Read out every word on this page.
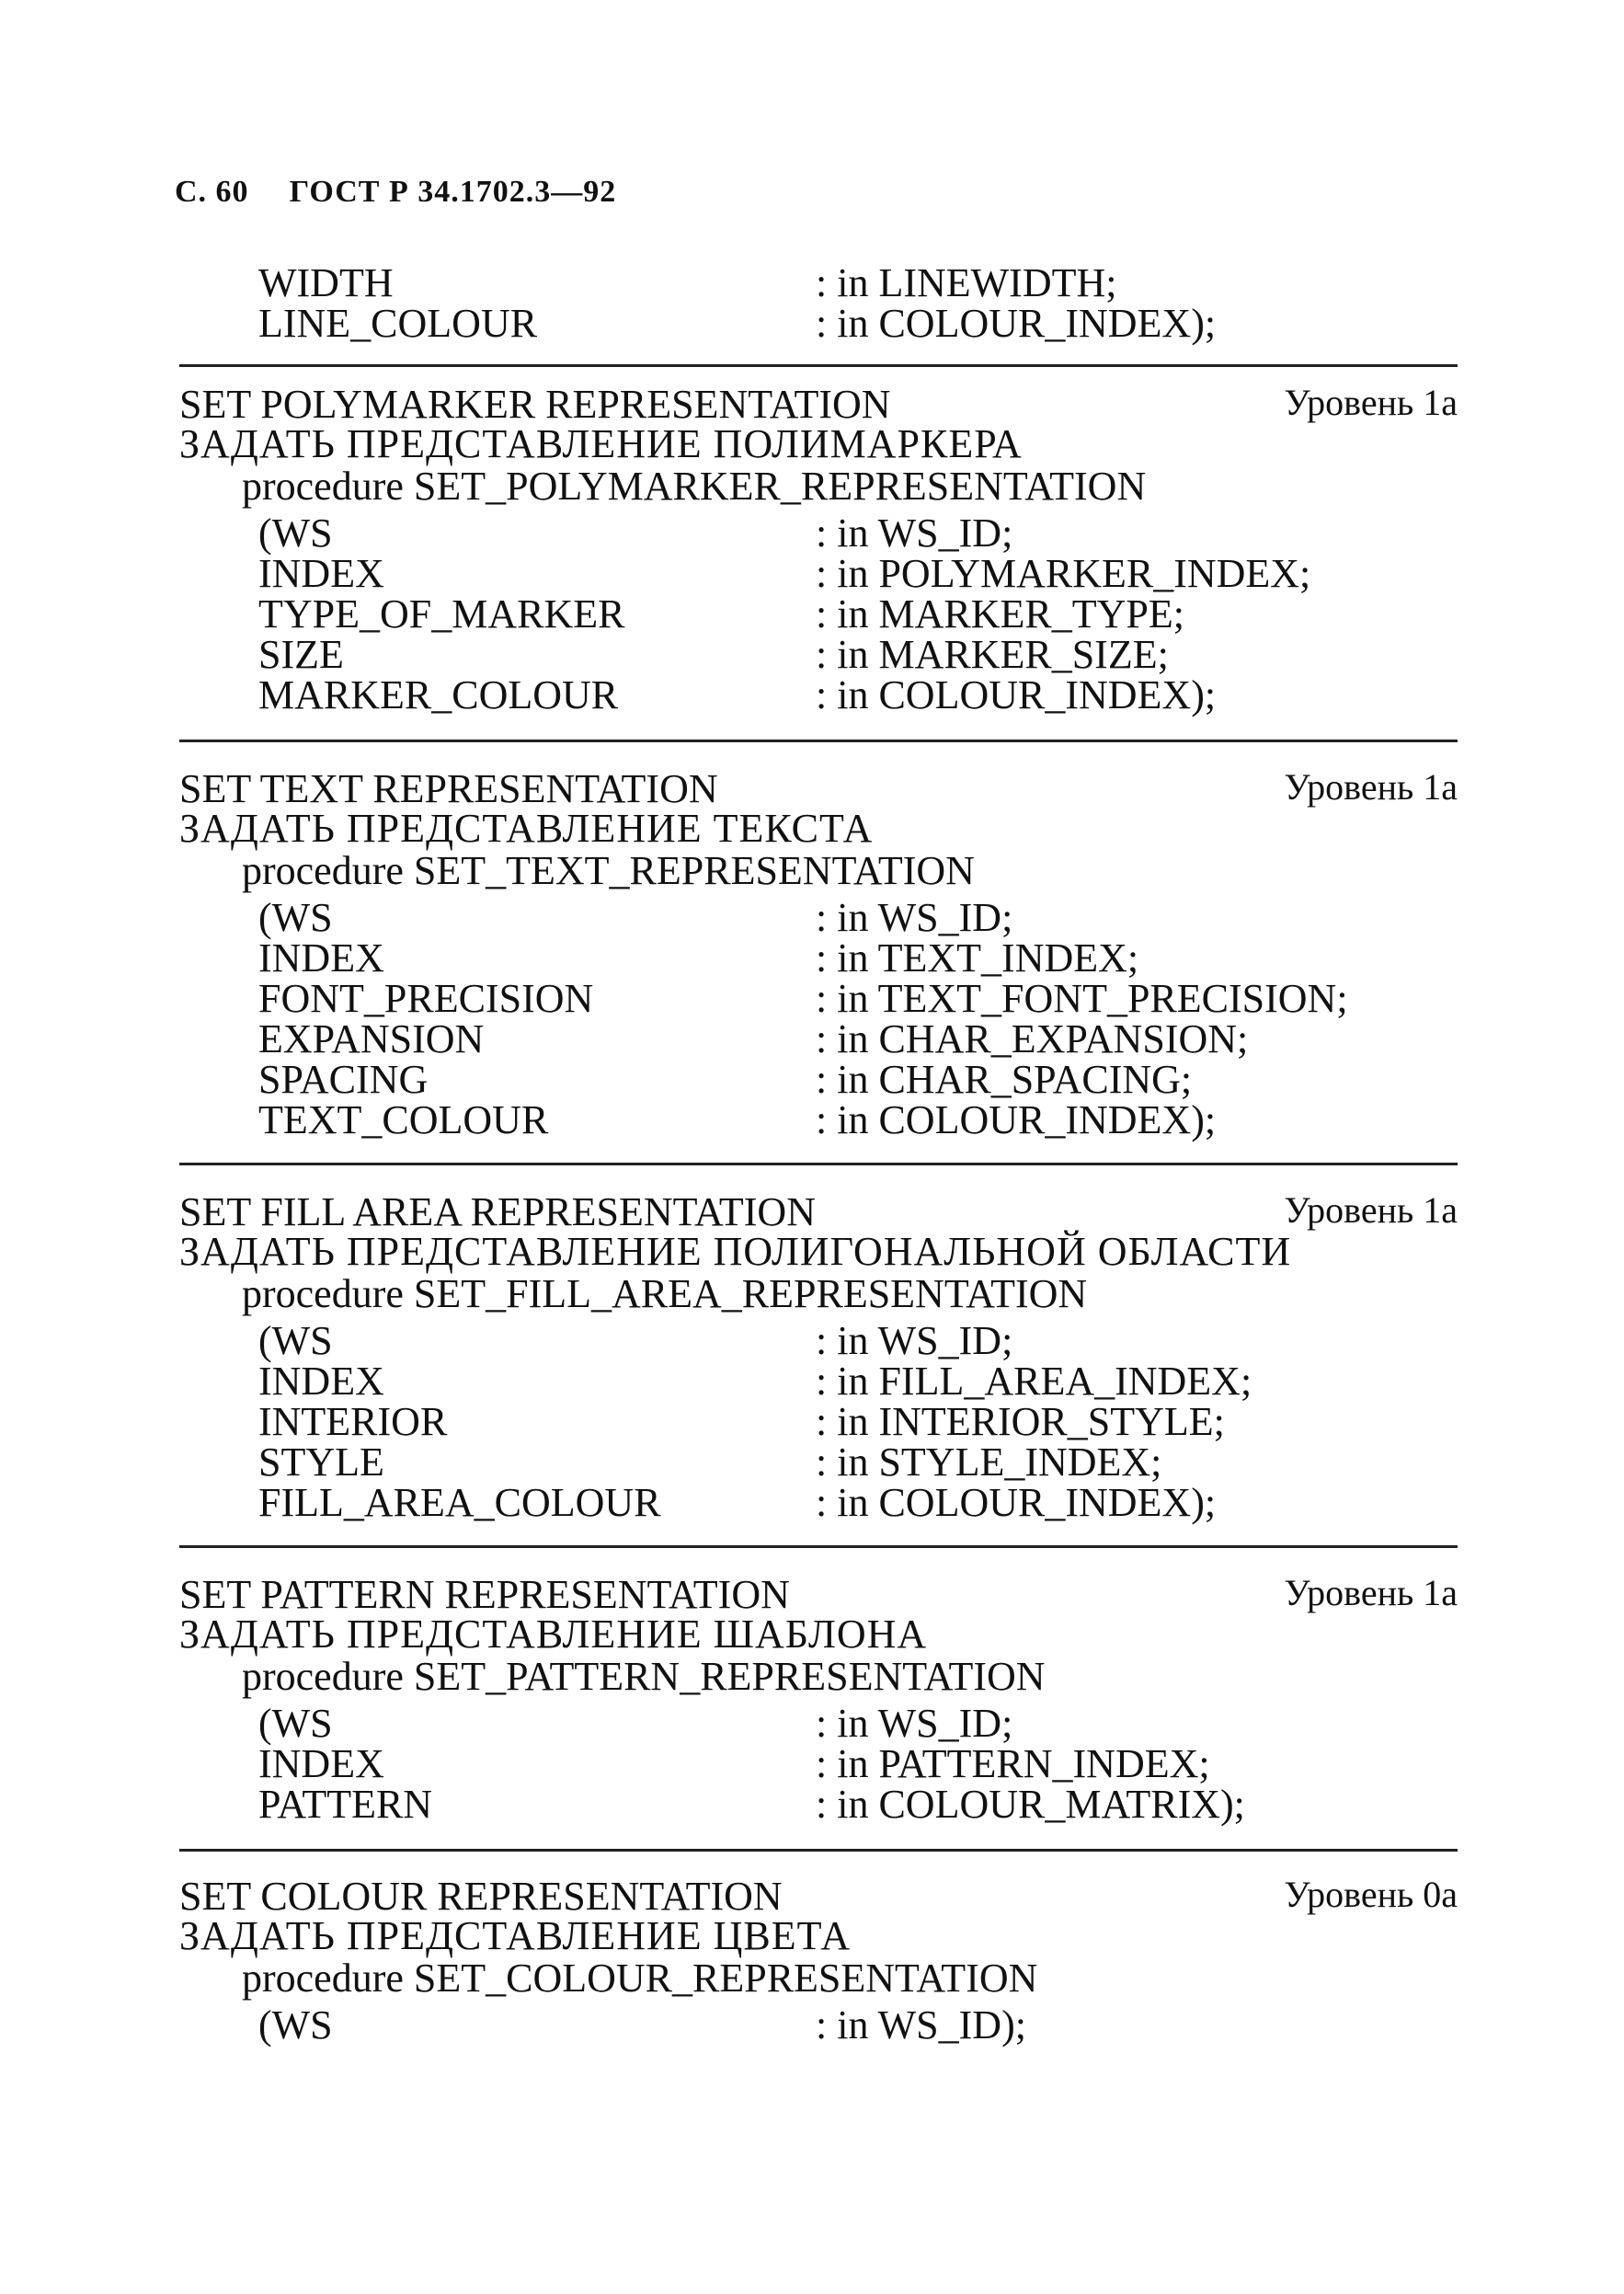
С. 60 ГОСТ Р 34.1702.3—92
WIDTH	: in LINEWIDTH;
LINE_COLOUR	: in COLOUR_INDEX);
SET POLYMARKER REPRESENTATION	Уровень 1а
ЗАДАТЬ ПРЕДСТАВЛЕНИЕ ПОЛИМАРКЕРА
procedure SET_POLYMARKER_REPRESENTATION
(WS	: in WS_ID;
INDEX	: in POLYMARKER_INDEX;
TYPE_OF_MARKER	: in MARKER_TYPE;
SIZE	: in MARKER_SIZE;
MARKER_COLOUR	: in COLOUR_INDEX);
SET TEXT REPRESENTATION	Уровень 1а
ЗАДАТЬ ПРЕДСТАВЛЕНИЕ ТЕКСТА
procedure SET_TEXT_REPRESENTATION
(WS	: in WS_ID;
INDEX	: in TEXT_INDEX;
FONT_PRECISION	: in TEXT_FONT_PRECISION;
EXPANSION	: in CHAR_EXPANSION;
SPACING	: in CHAR_SPACING;
TEXT_COLOUR	: in COLOUR_INDEX);
SET FILL AREA REPRESENTATION	Уровень 1а
ЗАДАТЬ ПРЕДСТАВЛЕНИЕ ПОЛИГОНАЛЬНОЙ ОБЛАСТИ
procedure SET_FILL_AREA_REPRESENTATION
(WS	: in WS_ID;
INDEX	: in FILL_AREA_INDEX;
INTERIOR	: in INTERIOR_STYLE;
STYLE	: in STYLE_INDEX;
FILL_AREA_COLOUR	: in COLOUR_INDEX);
SET PATTERN REPRESENTATION	Уровень 1а
ЗАДАТЬ ПРЕДСТАВЛЕНИЕ ШАБЛОНА
procedure SET_PATTERN_REPRESENTATION
(WS	: in WS_ID;
INDEX	: in PATTERN_INDEX;
PATTERN	: in COLOUR_MATRIX);
SET COLOUR REPRESENTATION	Уровень 0а
ЗАДАТЬ ПРЕДСТАВЛЕНИЕ ЦВЕТА
procedure SET_COLOUR_REPRESENTATION
(WS	: in WS_ID);
